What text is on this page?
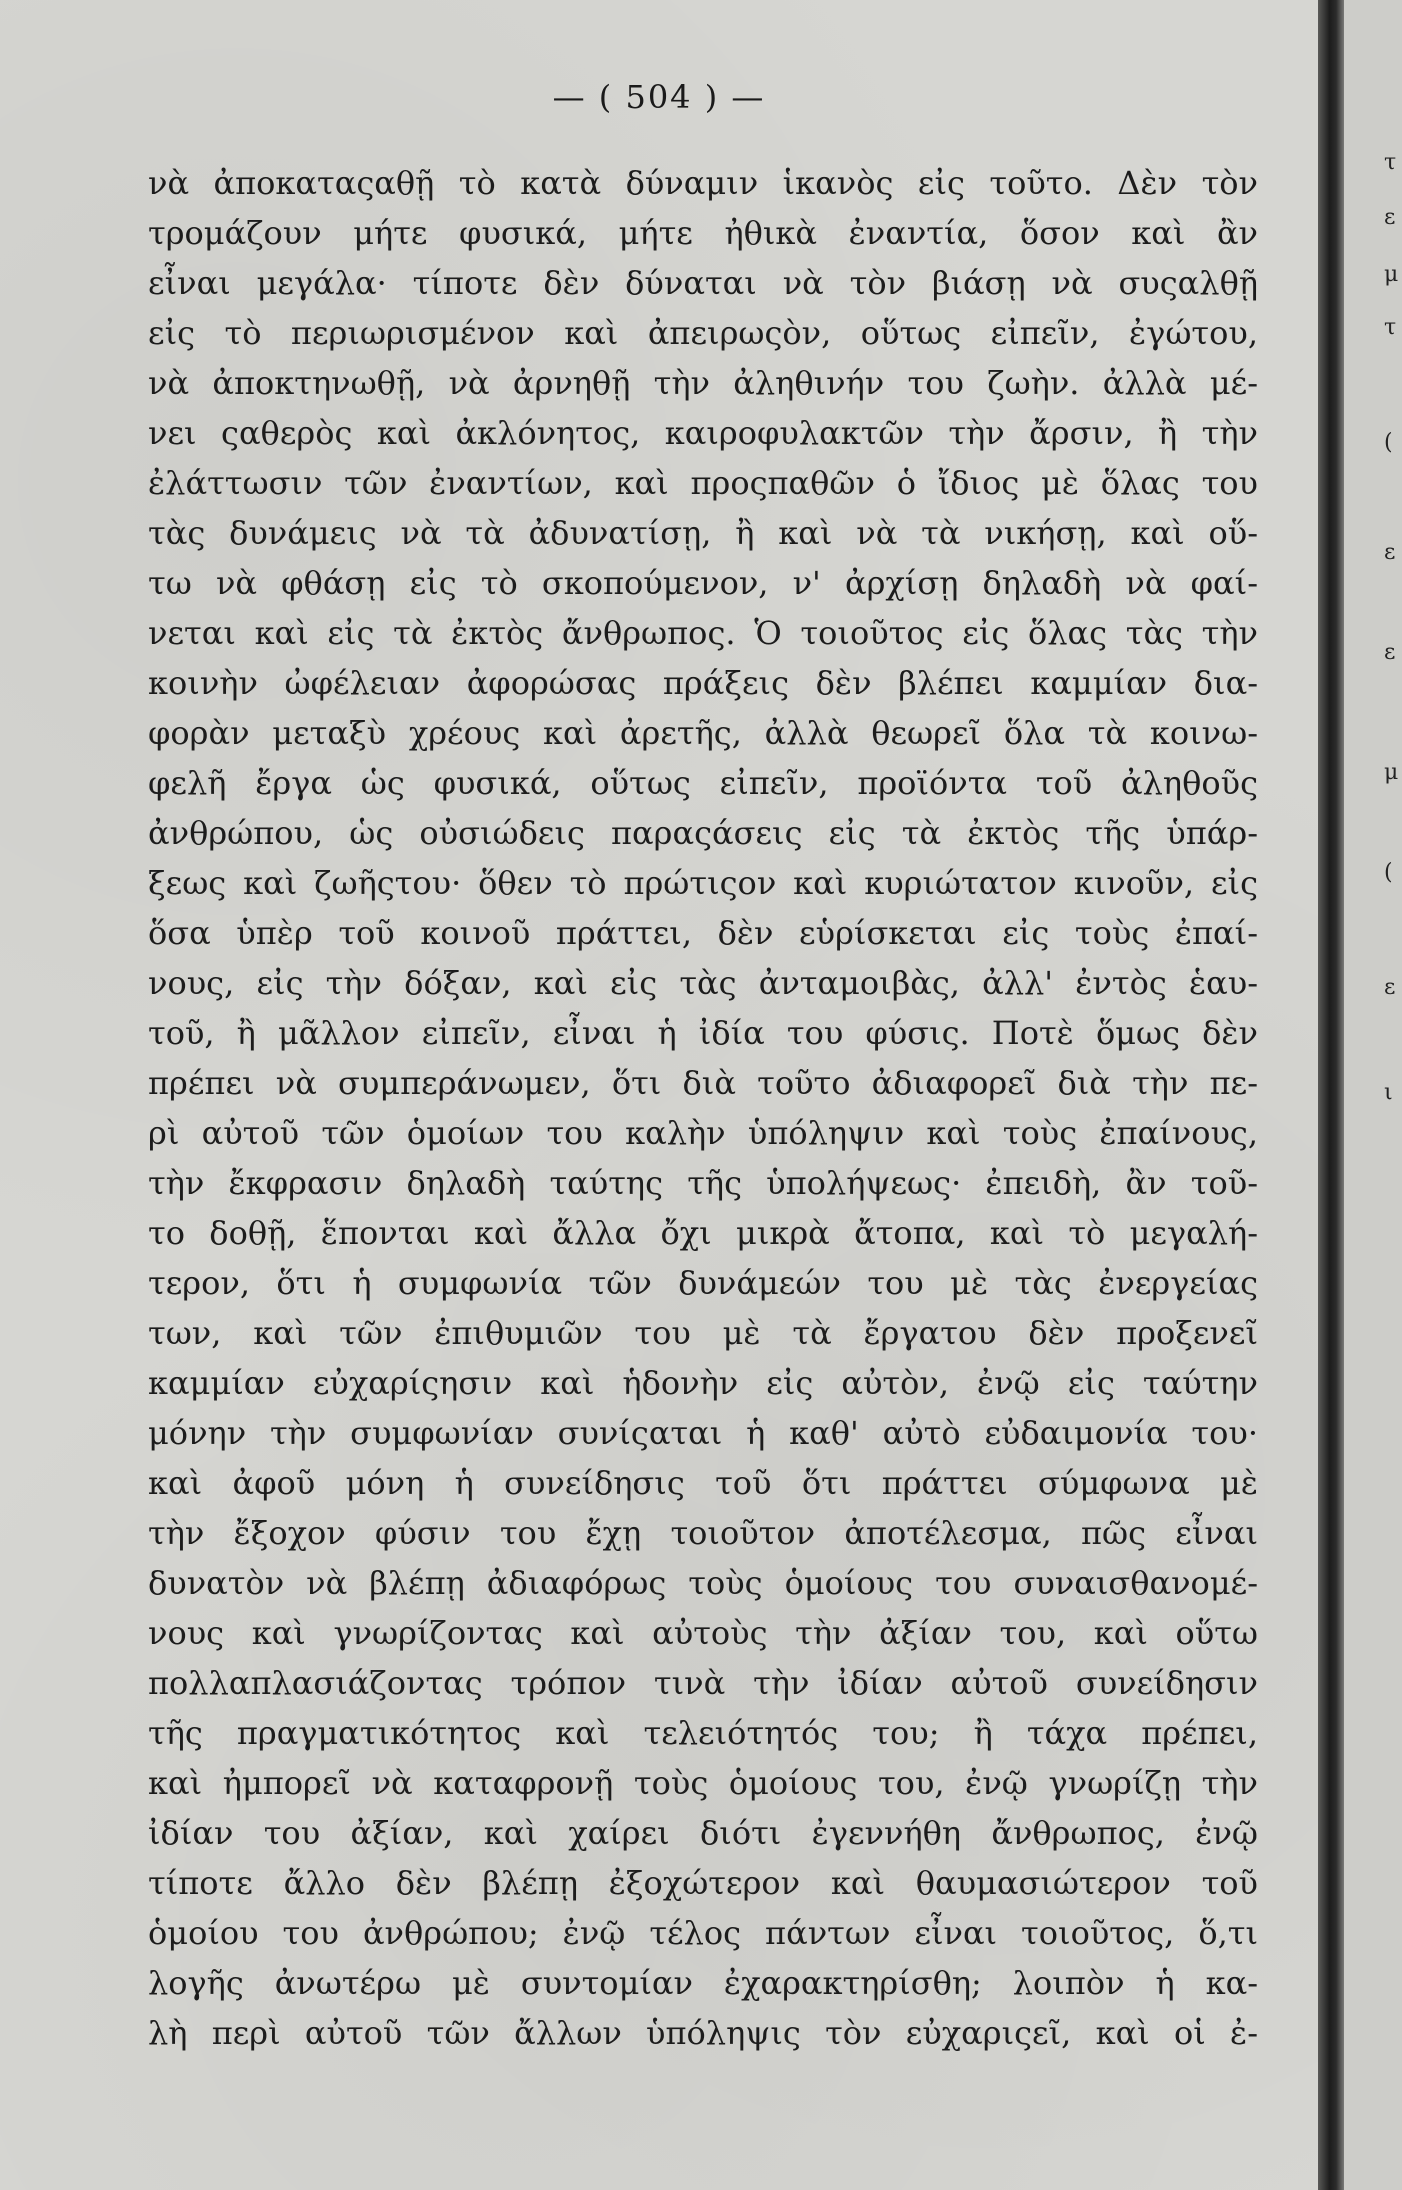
— ( 504 ) —
νὰ ἀποκαταςαθῇ τὸ κατὰ δύναμιν ἱκανὸς εἰς τοῦτο. Δὲν τὸν
τρομάζουν μήτε φυσικά, μήτε ἠθικὰ ἐναντία, ὅσον καὶ ἂν
εἶναι μεγάλα· τίποτε δὲν δύναται νὰ τὸν βιάσῃ νὰ συςαλθῇ
εἰς τὸ περιωρισμένον καὶ ἀπειρωςὸν, οὕτως εἰπεῖν, ἐγώτου,
νὰ ἀποκτηνωθῇ, νὰ ἀρνηθῇ τὴν ἀληθινήν του ζωὴν. ἀλλὰ μέ-
νει ςαθερὸς καὶ ἀκλόνητος, καιροφυλακτῶν τὴν ἄρσιν, ἢ τὴν
ἐλάττωσιν τῶν ἐναντίων, καὶ προςπαθῶν ὁ ἴδιος μὲ ὅλας του
τὰς δυνάμεις νὰ τὰ ἀδυνατίσῃ, ἢ καὶ νὰ τὰ νικήσῃ, καὶ οὕ-
τω νὰ φθάσῃ εἰς τὸ σκοπούμενον, ν' ἀρχίσῃ δηλαδὴ νὰ φαί-
νεται καὶ εἰς τὰ ἐκτὸς ἄνθρωπος. Ὁ τοιοῦτος εἰς ὅλας τὰς τὴν
κοινὴν ὠφέλειαν ἀφορώσας πράξεις δὲν βλέπει καμμίαν δια-
φορὰν μεταξὺ χρέους καὶ ἀρετῆς, ἀλλὰ θεωρεῖ ὅλα τὰ κοινω-
φελῆ ἔργα ὡς φυσικά, οὕτως εἰπεῖν, προϊόντα τοῦ ἀληθοῦς
ἀνθρώπου, ὡς οὐσιώδεις παραςάσεις εἰς τὰ ἐκτὸς τῆς ὑπάρ-
ξεως καὶ ζωῆςτου· ὅθεν τὸ πρώτιςον καὶ κυριώτατον κινοῦν, εἰς
ὅσα ὑπὲρ τοῦ κοινοῦ πράττει, δὲν εὑρίσκεται εἰς τοὺς ἐπαί-
νους, εἰς τὴν δόξαν, καὶ εἰς τὰς ἀνταμοιβὰς, ἀλλ' ἐντὸς ἑαυ-
τοῦ, ἢ μᾶλλον εἰπεῖν, εἶναι ἡ ἰδία του φύσις. Ποτὲ ὅμως δὲν
πρέπει νὰ συμπεράνωμεν, ὅτι διὰ τοῦτο ἀδιαφορεῖ διὰ τὴν πε-
ρὶ αὐτοῦ τῶν ὁμοίων του καλὴν ὑπόληψιν καὶ τοὺς ἐπαίνους,
τὴν ἔκφρασιν δηλαδὴ ταύτης τῆς ὑπολήψεως· ἐπειδὴ, ἂν τοῦ-
το δοθῇ, ἕπονται καὶ ἄλλα ὄχι μικρὰ ἄτοπα, καὶ τὸ μεγαλή-
τερον, ὅτι ἡ συμφωνία τῶν δυνάμεών του μὲ τὰς ἐνεργείας
των, καὶ τῶν ἐπιθυμιῶν του μὲ τὰ ἔργατου δὲν προξενεῖ
καμμίαν εὐχαρίςησιν καὶ ἡδονὴν εἰς αὐτὸν, ἐνῷ εἰς ταύτην
μόνην τὴν συμφωνίαν συνίςαται ἡ καθ' αὐτὸ εὐδαιμονία του·
καὶ ἀφοῦ μόνη ἡ συνείδησις τοῦ ὅτι πράττει σύμφωνα μὲ
τὴν ἔξοχον φύσιν του ἔχῃ τοιοῦτον ἀποτέλεσμα, πῶς εἶναι
δυνατὸν νὰ βλέπῃ ἀδιαφόρως τοὺς ὁμοίους του συναισθανομέ-
νους καὶ γνωρίζοντας καὶ αὐτοὺς τὴν ἀξίαν του, καὶ οὕτω
πολλαπλασιάζοντας τρόπον τινὰ τὴν ἰδίαν αὐτοῦ συνείδησιν
τῆς πραγματικότητος καὶ τελειότητός του; ἢ τάχα πρέπει,
καὶ ἠμπορεῖ νὰ καταφρονῇ τοὺς ὁμοίους του, ἐνῷ γνωρίζῃ τὴν
ἰδίαν του ἀξίαν, καὶ χαίρει διότι ἐγεννήθη ἄνθρωπος, ἐνῷ
τίποτε ἄλλο δὲν βλέπῃ ἐξοχώτερον καὶ θαυμασιώτερον τοῦ
ὁμοίου του ἀνθρώπου; ἐνῷ τέλος πάντων εἶναι τοιοῦτος, ὅ,τι
λογῆς ἀνωτέρω μὲ συντομίαν ἐχαρακτηρίσθη; λοιπὸν ἡ κα-
λὴ περὶ αὐτοῦ τῶν ἄλλων ὑπόληψις τὸν εὐχαριςεῖ, καὶ οἱ ἐ-
τ
ε
μ
τ
(
ε
ε
μ
(
ε
ι
